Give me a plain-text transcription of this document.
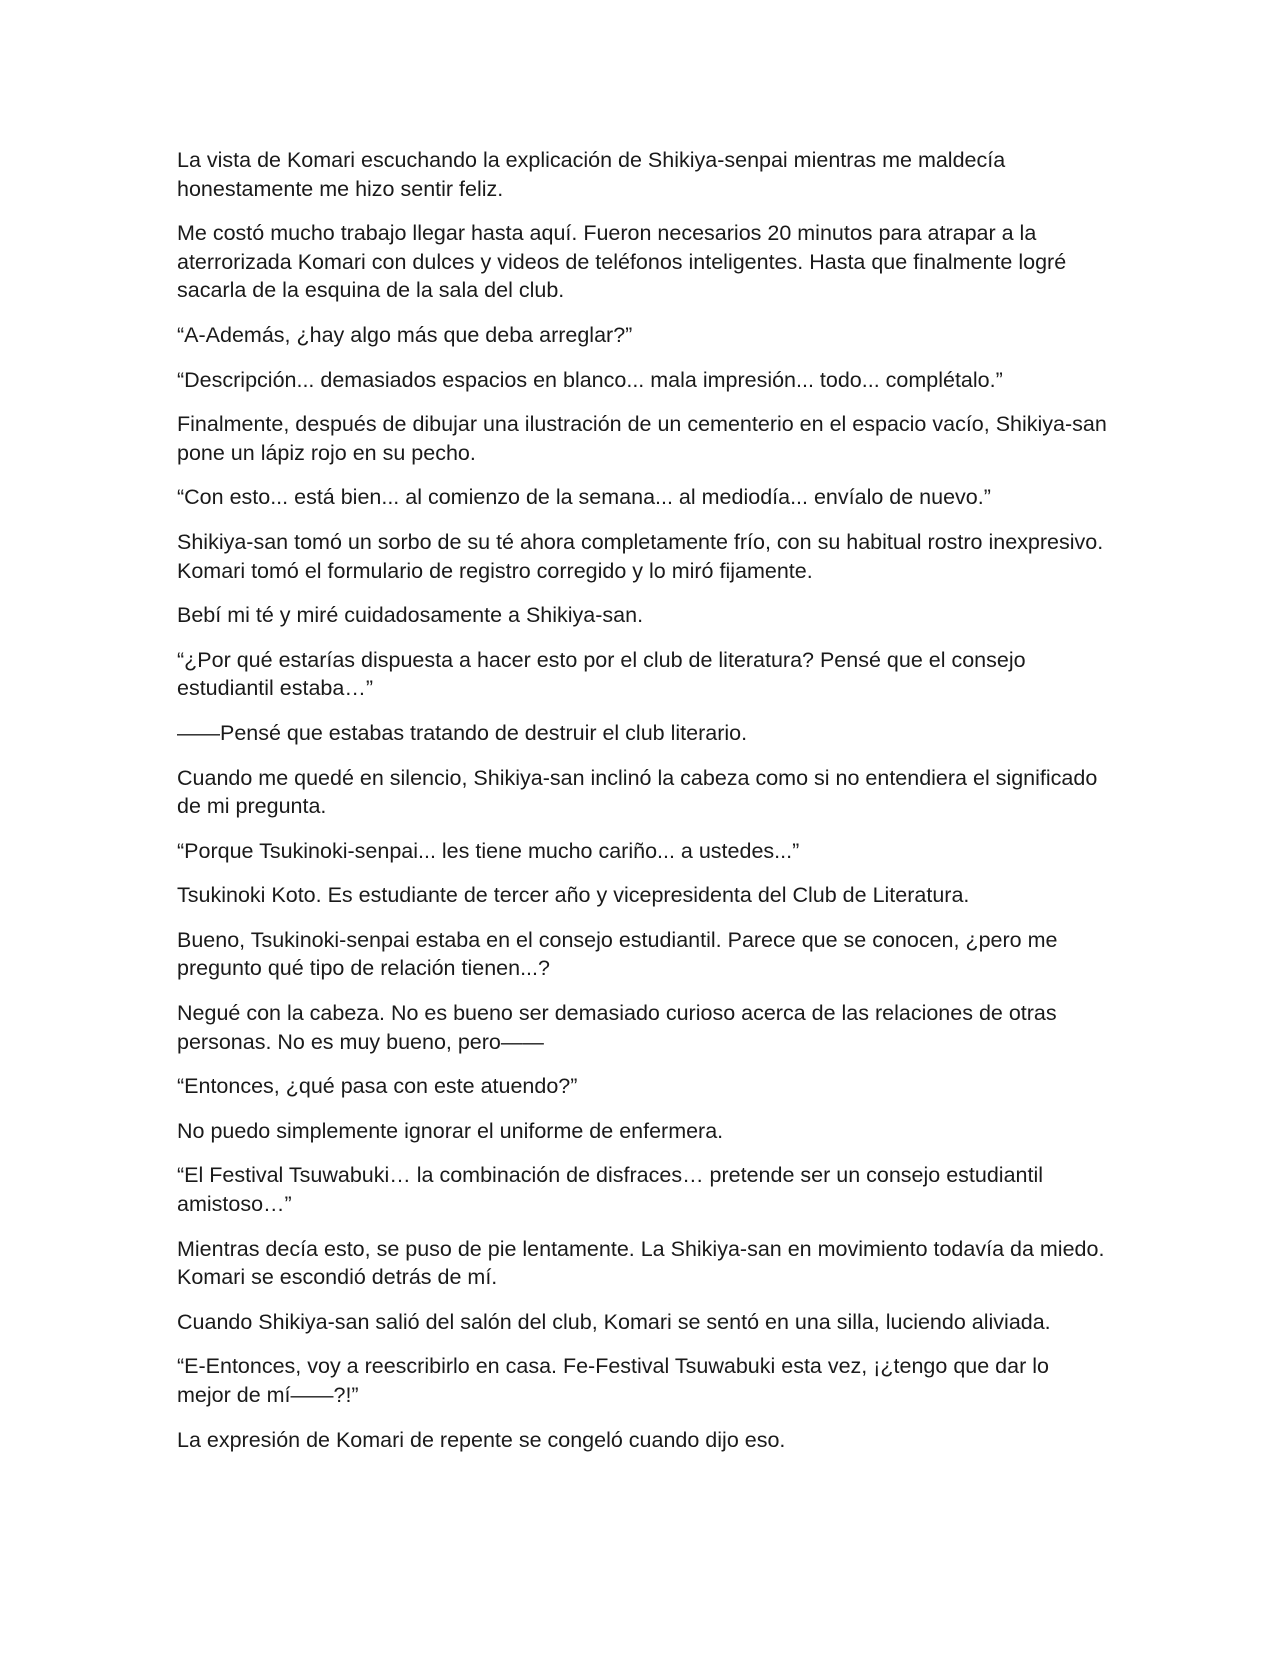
La vista de Komari escuchando la explicación de Shikiya-senpai mientras me maldecía honestamente me hizo sentir feliz.

Me costó mucho trabajo llegar hasta aquí. Fueron necesarios 20 minutos para atrapar a la aterrorizada Komari con dulces y videos de teléfonos inteligentes. Hasta que finalmente logré sacarla de la esquina de la sala del club.

“A-Además, ¿hay algo más que deba arreglar?”

“Descripción... demasiados espacios en blanco... mala impresión... todo... complétalo.”

Finalmente, después de dibujar una ilustración de un cementerio en el espacio vacío, Shikiya-san pone un lápiz rojo en su pecho.

“Con esto... está bien... al comienzo de la semana... al mediodía... envíalo de nuevo.”

Shikiya-san tomó un sorbo de su té ahora completamente frío, con su habitual rostro inexpresivo. Komari tomó el formulario de registro corregido y lo miró fijamente.

Bebí mi té y miré cuidadosamente a Shikiya-san.

“¿Por qué estarías dispuesta a hacer esto por el club de literatura? Pensé que el consejo estudiantil estaba…”

——Pensé que estabas tratando de destruir el club literario.

Cuando me quedé en silencio, Shikiya-san inclinó la cabeza como si no entendiera el significado de mi pregunta.

“Porque Tsukinoki-senpai... les tiene mucho cariño... a ustedes...”

Tsukinoki Koto. Es estudiante de tercer año y vicepresidenta del Club de Literatura.

Bueno, Tsukinoki-senpai estaba en el consejo estudiantil. Parece que se conocen, ¿pero me pregunto qué tipo de relación tienen...?

Negué con la cabeza. No es bueno ser demasiado curioso acerca de las relaciones de otras personas. No es muy bueno, pero——

“Entonces, ¿qué pasa con este atuendo?”

No puedo simplemente ignorar el uniforme de enfermera.

“El Festival Tsuwabuki… la combinación de disfraces… pretende ser un consejo estudiantil amistoso…”

Mientras decía esto, se puso de pie lentamente. La Shikiya-san en movimiento todavía da miedo. Komari se escondió detrás de mí.

Cuando Shikiya-san salió del salón del club, Komari se sentó en una silla, luciendo aliviada.

“E-Entonces, voy a reescribirlo en casa. Fe-Festival Tsuwabuki esta vez, ¡¿tengo que dar lo mejor de mí——?!”

La expresión de Komari de repente se congeló cuando dijo eso.
